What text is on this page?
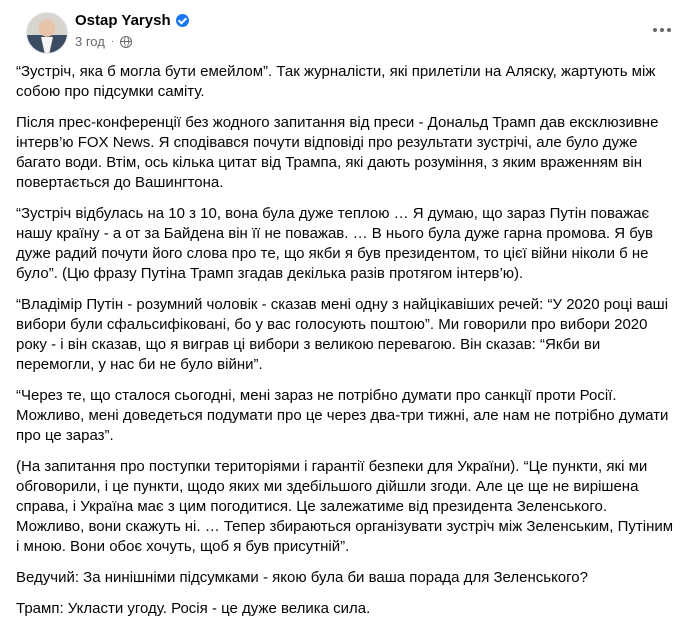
Ostap Yarysh
3 год ·

“Зустріч, яка б могла бути емейлом”. Так журналісти, які прилетіли на Аляску, жартують між собою про підсумки саміту.

Після прес-конференції без жодного запитання від преси - Дональд Трамп дав ексклюзивне інтерв’ю FOX News. Я сподівався почути відповіді про результати зустрічі, але було дуже багато води. Втім, ось кілька цитат від Трампа, які дають розуміння, з яким враженням він повертається до Вашингтона.

“Зустріч відбулась на 10 з 10, вона була дуже теплою … Я думаю, що зараз Путін поважає нашу країну - а от за Байдена він її не поважав. … В нього була дуже гарна промова. Я був дуже радий почути його слова про те, що якби я був президентом, то цієї війни ніколи б не було”. (Цю фразу Путіна Трамп згадав декілька разів протягом інтерв’ю).

“Владімір Путін - розумний чоловік - сказав мені одну з найцікавіших речей: “У 2020 році ваші вибори були сфальсифіковані, бо у вас голосують поштою”. Ми говорили про вибори 2020 року - і він сказав, що я виграв ці вибори з великою перевагою. Він сказав: “Якби ви перемогли, у нас би не було війни”.

“Через те, що сталося сьогодні, мені зараз не потрібно думати про санкції проти Росії. Можливо, мені доведеться подумати про це через два-три тижні, але нам не потрібно думати про це зараз”.

(На запитання про поступки територіями і гарантії безпеки для України). “Це пункти, які ми обговорили, і це пункти, щодо яких ми здебільшого дійшли згоди. Але це ще не вирішена справа, і Україна має з цим погодитися. Це залежатиме від президента Зеленського. Можливо, вони скажуть ні. … Тепер збираються організувати зустріч між Зеленським, Путіним і мною. Вони обоє хочуть, щоб я був присутній”.

Ведучий: За нинішніми підсумками - якою була би ваша порада для Зеленського?

Трамп: Укласти угоду. Росія - це дуже велика сила.
